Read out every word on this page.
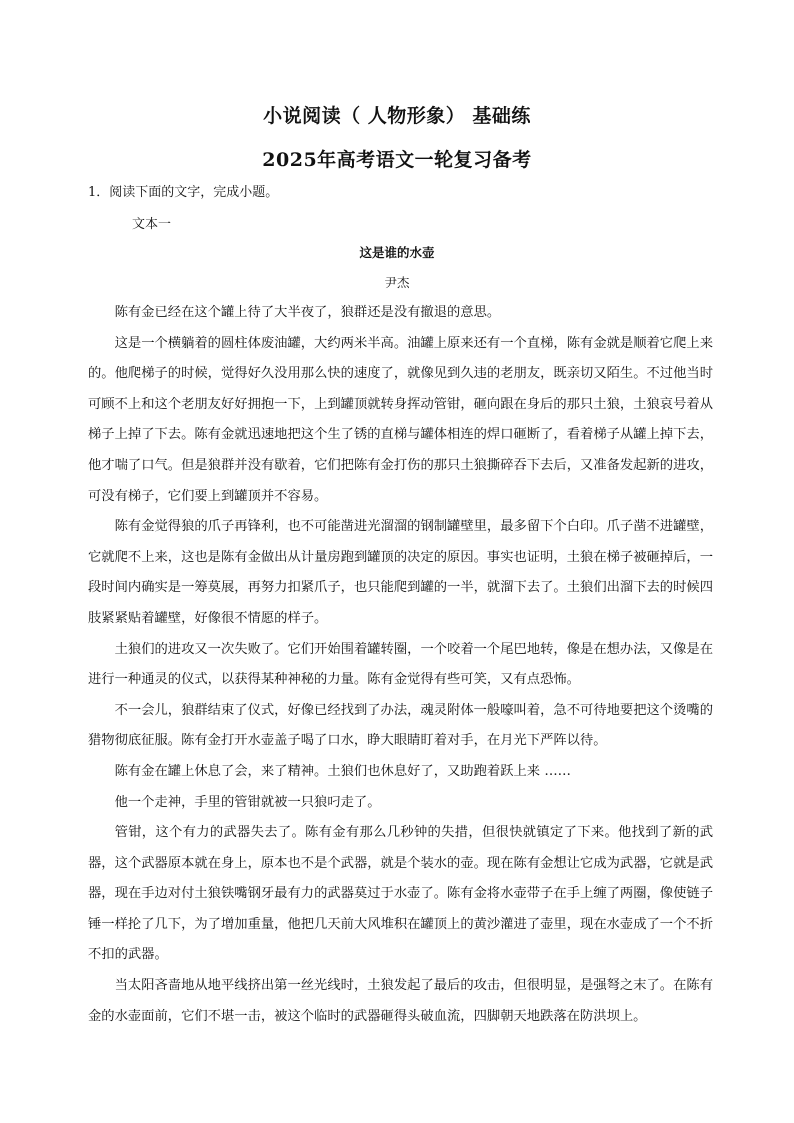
小说阅读（ 人物形象） 基础练
2025年高考语文一轮复习备考
1．阅读下面的文字，完成小题。
文本一
这是谁的水壶
尹杰

陈有金已经在这个罐上待了大半夜了，狼群还是没有撤退的意思。

这是一个横躺着的圆柱体废油罐，大约两米半高。油罐上原来还有一个直梯，陈有金就是顺着它爬上来的。他爬梯子的时候，觉得好久没用那么快的速度了，就像见到久违的老朋友，既亲切又陌生。不过他当时可顾不上和这个老朋友好好拥抱一下，上到罐顶就转身挥动管钳，砸向跟在身后的那只土狼，土狼哀号着从梯子上掉了下去。陈有金就迅速地把这个生了锈的直梯与罐体相连的焊口砸断了，看着梯子从罐上掉下去，他才喘了口气。但是狼群并没有歇着，它们把陈有金打伤的那只土狼撕碎吞下去后，又准备发起新的进攻，可没有梯子，它们要上到罐顶并不容易。

陈有金觉得狼的爪子再锋利，也不可能凿进光溜溜的钢制罐壁里，最多留下个白印。爪子凿不进罐壁，它就爬不上来，这也是陈有金做出从计量房跑到罐顶的决定的原因。事实也证明，土狼在梯子被砸掉后，一段时间内确实是一筹莫展，再努力扣紧爪子，也只能爬到罐的一半，就溜下去了。土狼们出溜下去的时候四肢紧紧贴着罐壁，好像很不情愿的样子。

土狼们的进攻又一次失败了。它们开始围着罐转圈，一个咬着一个尾巴地转，像是在想办法，又像是在进行一种通灵的仪式，以获得某种神秘的力量。陈有金觉得有些可笑，又有点恐怖。

不一会儿，狼群结束了仪式，好像已经找到了办法，魂灵附体一般嚎叫着，急不可待地要把这个烫嘴的猎物彻底征服。陈有金打开水壶盖子喝了口水，睁大眼睛盯着对手，在月光下严阵以待。

陈有金在罐上休息了会，来了精神。土狼们也休息好了，又助跑着跃上来 ……

他一个走神，手里的管钳就被一只狼叼走了。

管钳，这个有力的武器失去了。陈有金有那么几秒钟的失措，但很快就镇定了下来。他找到了新的武器，这个武器原本就在身上，原本也不是个武器，就是个装水的壶。现在陈有金想让它成为武器，它就是武器，现在手边对付土狼铁嘴钢牙最有力的武器莫过于水壶了。陈有金将水壶带子在手上缠了两圈，像使链子锤一样抡了几下，为了增加重量，他把几天前大风堆积在罐顶上的黄沙灌进了壶里，现在水壶成了一个不折不扣的武器。

当太阳吝啬地从地平线挤出第一丝光线时，土狼发起了最后的攻击，但很明显，是强弩之末了。在陈有金的水壶面前，它们不堪一击，被这个临时的武器砸得头破血流，四脚朝天地跌落在防洪坝上。
